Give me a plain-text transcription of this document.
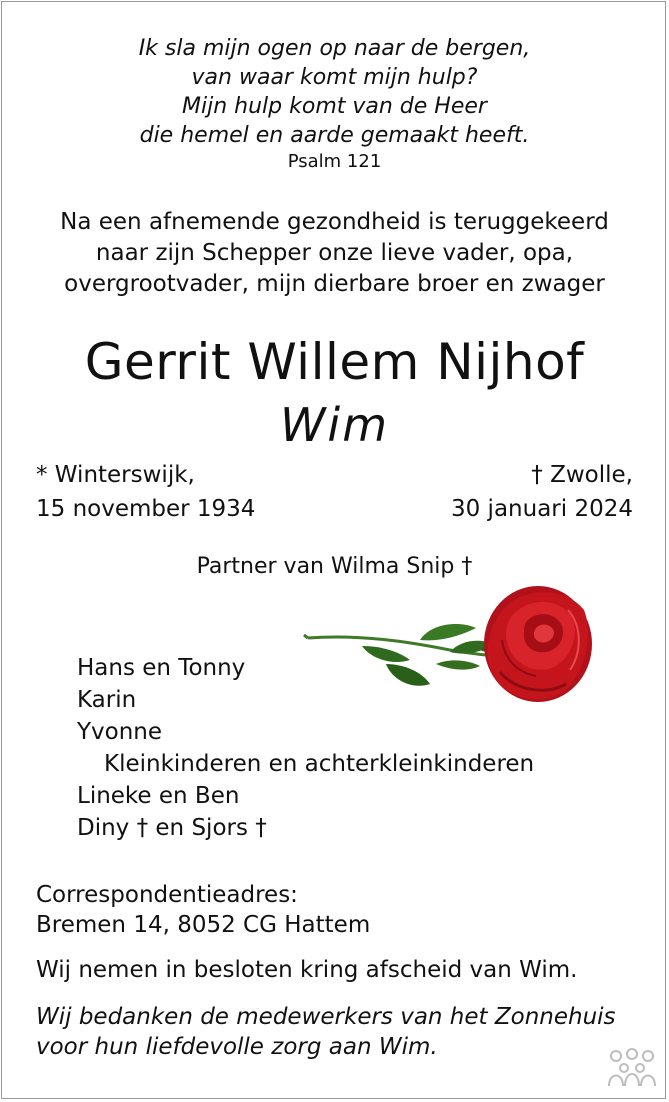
Ik sla mijn ogen op naar de bergen,
van waar komt mijn hulp?
Mijn hulp komt van de Heer
die hemel en aarde gemaakt heeft.
Psalm 121
Na een afnemende gezondheid is teruggekeerd
naar zijn Schepper onze lieve vader, opa,
overgrootvader, mijn dierbare broer en zwager
Gerrit Willem Nijhof
Wim
* Winterswijk,
15 november 1934
† Zwolle,
30 januari 2024
Partner van Wilma Snip †
Hans en Tonny
Karin
Yvonne
Kleinkinderen en achterkleinkinderen
Lineke en Ben
Diny † en Sjors †
Correspondentieadres:
Bremen 14, 8052 CG Hattem
Wij nemen in besloten kring afscheid van Wim.
Wij bedanken de medewerkers van het Zonnehuis
voor hun liefdevolle zorg aan Wim.
